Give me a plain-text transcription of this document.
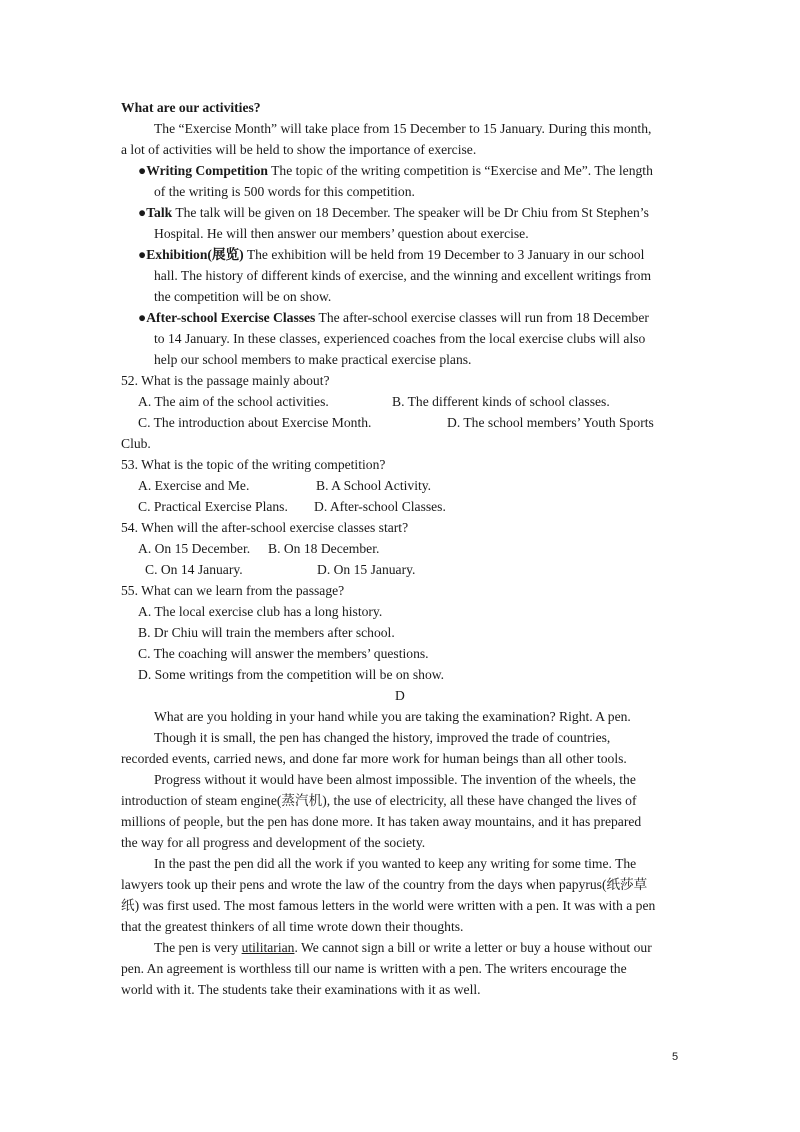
What are our activities?
The “Exercise Month” will take place from 15 December to 15 January. During this month,
a lot of activities will be held to show the importance of exercise.
●Writing Competition The topic of the writing competition is “Exercise and Me”. The length
of the writing is 500 words for this competition.
●Talk The talk will be given on 18 December. The speaker will be Dr Chiu from St Stephen’s
Hospital. He will then answer our members’ question about exercise.
●Exhibition(展览) The exhibition will be held from 19 December to 3 January in our school
hall. The history of different kinds of exercise, and the winning and excellent writings from
the competition will be on show.
●After-school Exercise Classes The after-school exercise classes will run from 18 December
to 14 January. In these classes, experienced coaches from the local exercise clubs will also
help our school members to make practical exercise plans.
52. What is the passage mainly about?
A. The aim of the school activities.	B. The different kinds of school classes.
C. The introduction about Exercise Month.	D. The school members’ Youth Sports
Club.
53. What is the topic of the writing competition?
A. Exercise and Me.	B. A School Activity.
C. Practical Exercise Plans. D. After-school Classes.
54. When will the after-school exercise classes start?
A. On 15 December. B. On 18 December.
C. On 14 January.	D. On 15 January.
55. What can we learn from the passage?
A. The local exercise club has a long history.
B. Dr Chiu will train the members after school.
C. The coaching will answer the members’ questions.
D. Some writings from the competition will be on show.
D
What are you holding in your hand while you are taking the examination? Right. A pen.
Though it is small, the pen has changed the history, improved the trade of countries,
recorded events, carried news, and done far more work for human beings than all other tools.
Progress without it would have been almost impossible. The invention of the wheels, the
introduction of steam engine(蒸汽机), the use of electricity, all these have changed the lives of
millions of people, but the pen has done more. It has taken away mountains, and it has prepared
the way for all progress and development of the society.
In the past the pen did all the work if you wanted to keep any writing for some time. The
lawyers took up their pens and wrote the law of the country from the days when papyrus(纸莎草
纸) was first used. The most famous letters in the world were written with a pen. It was with a pen
that the greatest thinkers of all time wrote down their thoughts.
The pen is very utilitarian. We cannot sign a bill or write a letter or buy a house without our
pen. An agreement is worthless till our name is written with a pen. The writers encourage the
world with it. The students take their examinations with it as well.
5
